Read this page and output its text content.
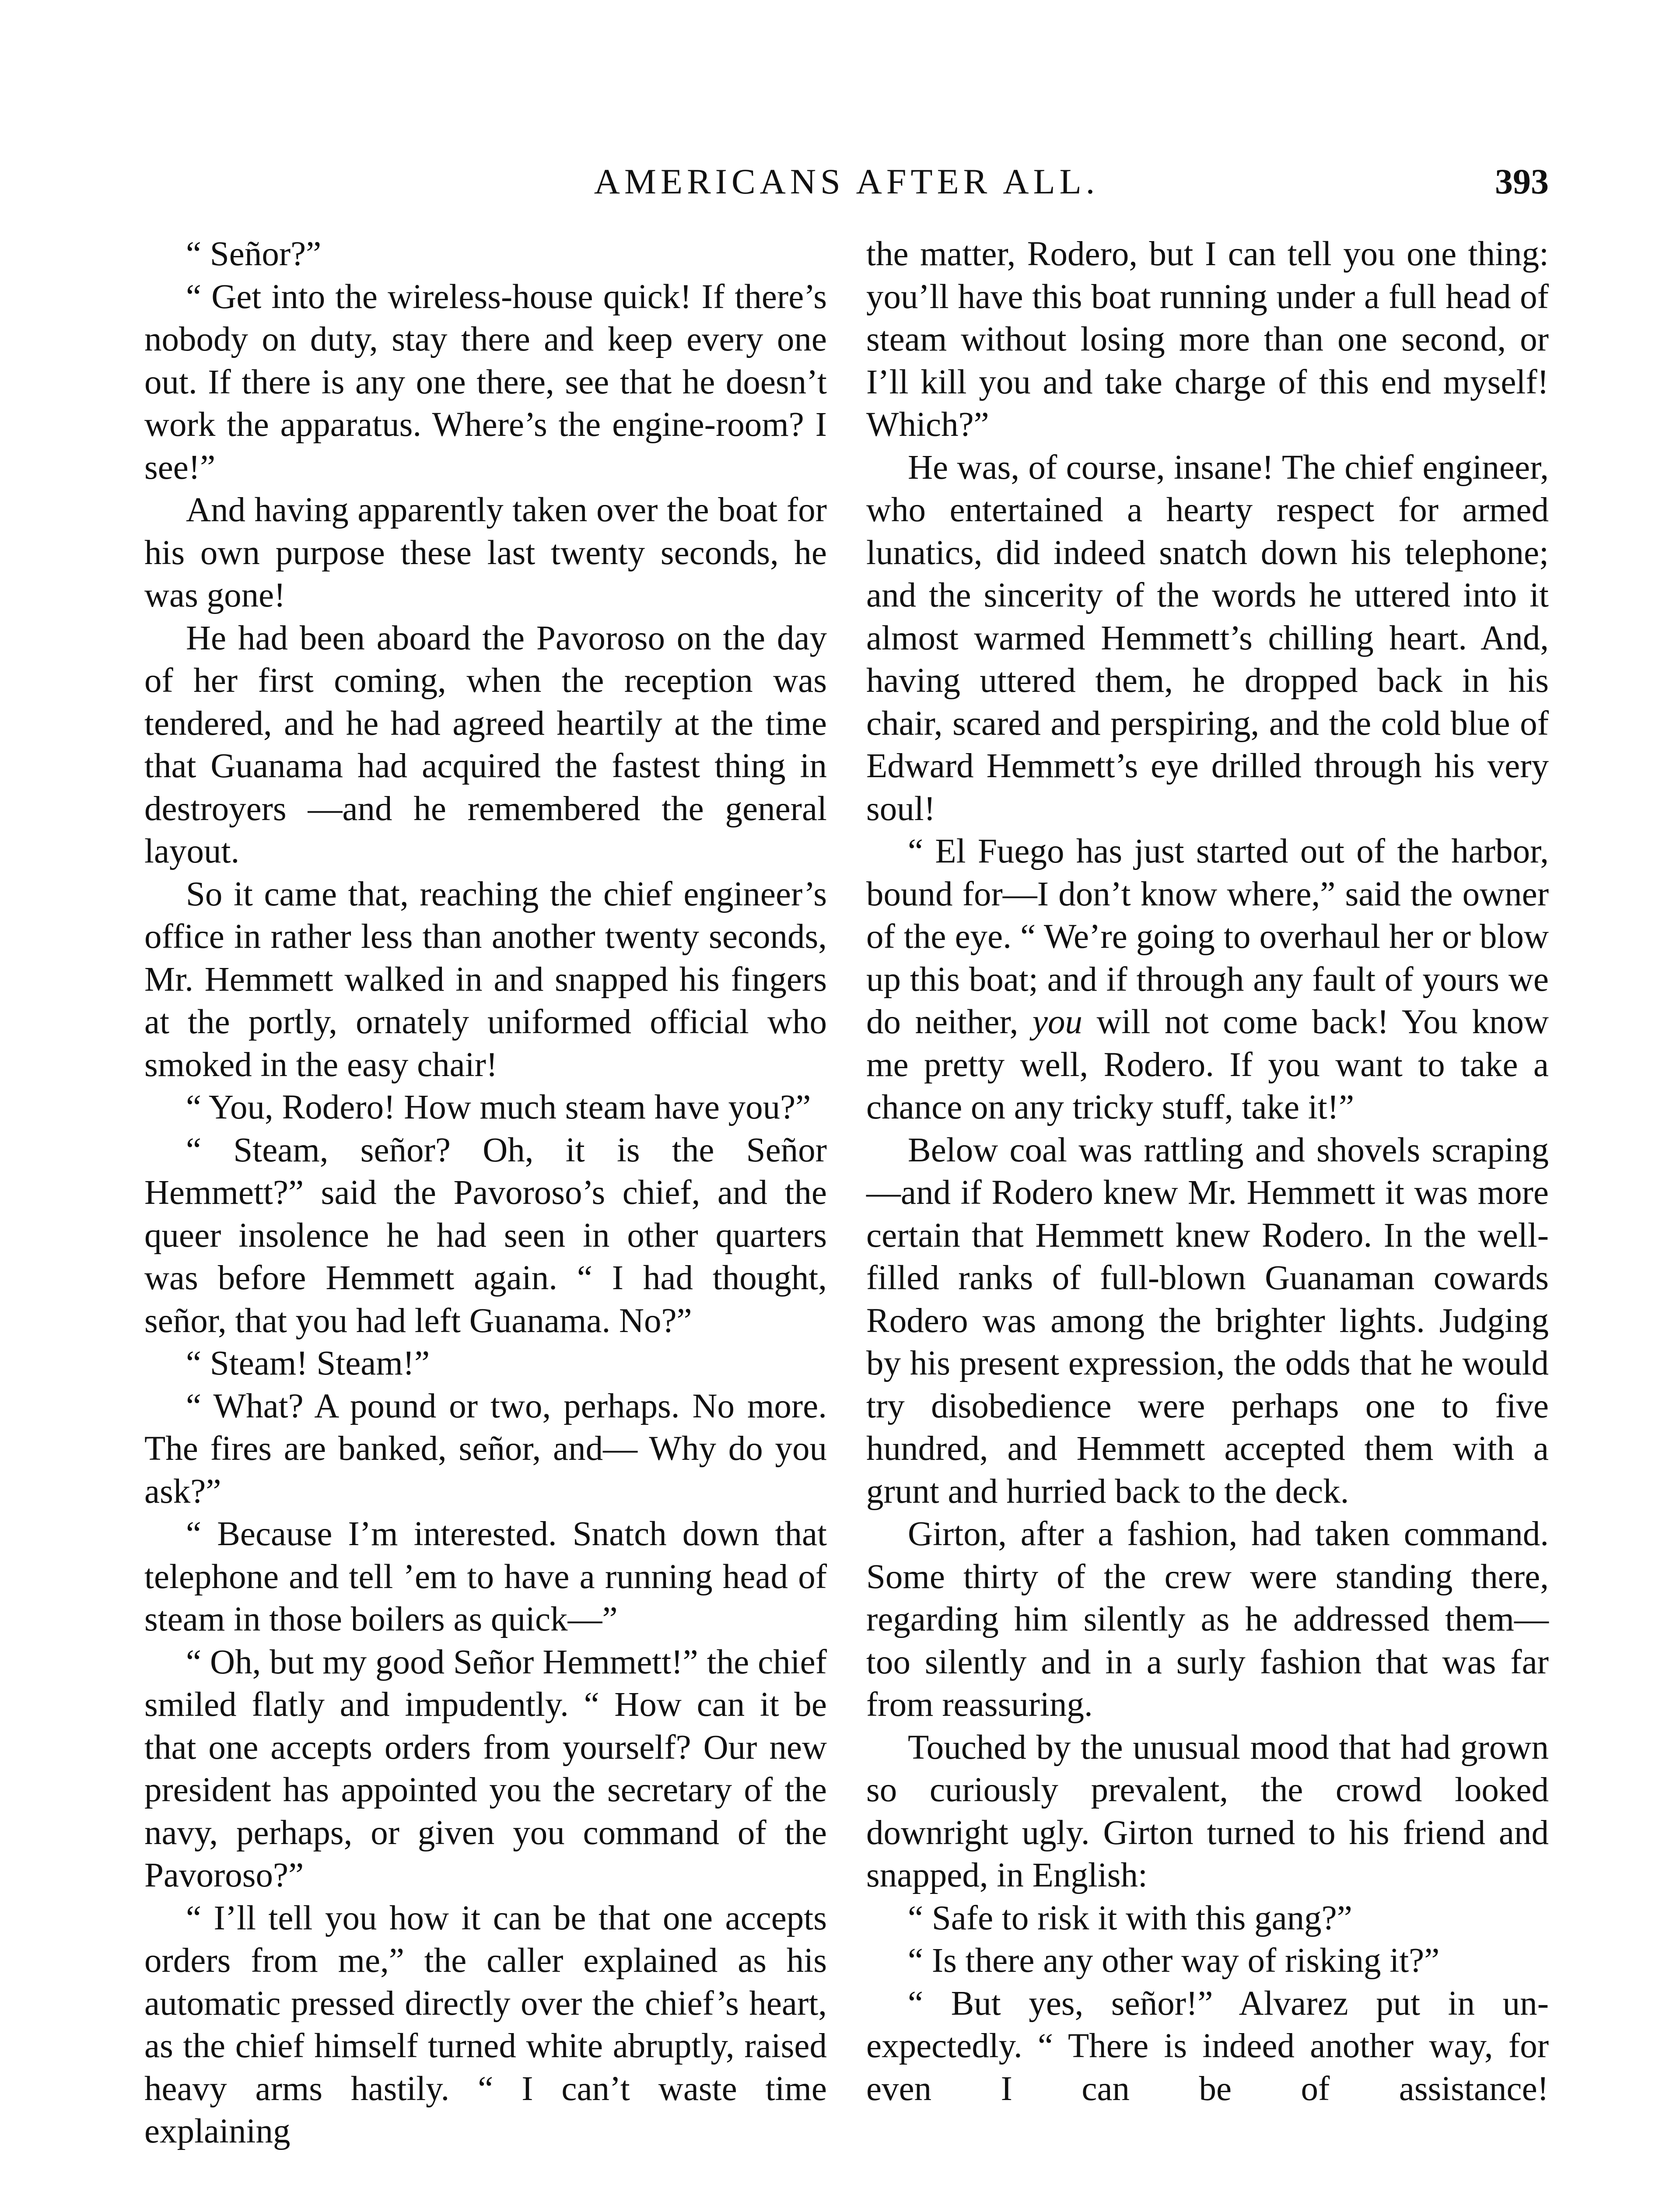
AMERICANS AFTER ALL.	393

“ Señor?”

“ Get into the wireless-house quick! If there’s nobody on duty, stay there and keep every one out. If there is any one there, see that he doesn’t work the apparatus. Where’s the engine-room? I see!”

And having apparently taken over the boat for his own purpose these last twenty seconds, he was gone!

He had been aboard the Pavoroso on the day of her first coming, when the reception was tendered, and he had agreed heartily at the time that Guanama had acquired the fastest thing in destroyers —and he remembered the general layout.

So it came that, reaching the chief engineer’s office in rather less than another twenty seconds, Mr. Hemmett walked in and snapped his fingers at the portly, ornately uniformed official who smoked in the easy chair!

“ You, Rodero! How much steam have you?”

“ Steam, señor? Oh, it is the Señor Hemmett?” said the Pavoroso’s chief, and the queer insolence he had seen in other quarters was before Hemmett again. “ I had thought, señor, that you had left Guanama. No?”

“ Steam! Steam!”

“ What? A pound or two, perhaps. No more. The fires are banked, señor, and— Why do you ask?”

“ Because I’m interested. Snatch down that telephone and tell ’em to have a running head of steam in those boilers as quick—”

“ Oh, but my good Señor Hemmett!” the chief smiled flatly and impudently. “ How can it be that one accepts orders from yourself? Our new president has appointed you the secretary of the navy, perhaps, or given you command of the Pavoroso?”

“ I’ll tell you how it can be that one accepts orders from me,” the caller explained as his automatic pressed directly over the chief’s heart, as the chief himself turned white abruptly, raised heavy arms hastily. “ I can’t waste time explaining

the matter, Rodero, but I can tell you one thing: you’ll have this boat running under a full head of steam without losing more than one second, or I’ll kill you and take charge of this end myself! Which?”

He was, of course, insane! The chief engineer, who entertained a hearty respect for armed lunatics, did indeed snatch down his telephone; and the sincerity of the words he uttered into it almost warmed Hemmett’s chilling heart. And, having uttered them, he dropped back in his chair, scared and perspiring, and the cold blue of Edward Hemmett’s eye drilled through his very soul!

“ El Fuego has just started out of the harbor, bound for—I don’t know where,” said the owner of the eye. “ We’re going to overhaul her or blow up this boat; and if through any fault of yours we do neither, you will not come back! You know me pretty well, Rodero. If you want to take a chance on any tricky stuff, take it!”

Below coal was rattling and shovels scraping—and if Rodero knew Mr. Hemmett it was more certain that Hemmett knew Rodero. In the well-filled ranks of full-blown Guanaman cowards Rodero was among the brighter lights. Judging by his present expression, the odds that he would try disobedience were perhaps one to five hundred, and Hemmett accepted them with a grunt and hurried back to the deck.

Girton, after a fashion, had taken command. Some thirty of the crew were standing there, regarding him silently as he addressed them—too silently and in a surly fashion that was far from reassuring.

Touched by the unusual mood that had grown so curiously prevalent, the crowd looked downright ugly. Girton turned to his friend and snapped, in English:

“ Safe to risk it with this gang?”

“ Is there any other way of risking it?”

“ But yes, señor!” Alvarez put in unexpectedly. “ There is indeed another way, for even I can be of assistance!
